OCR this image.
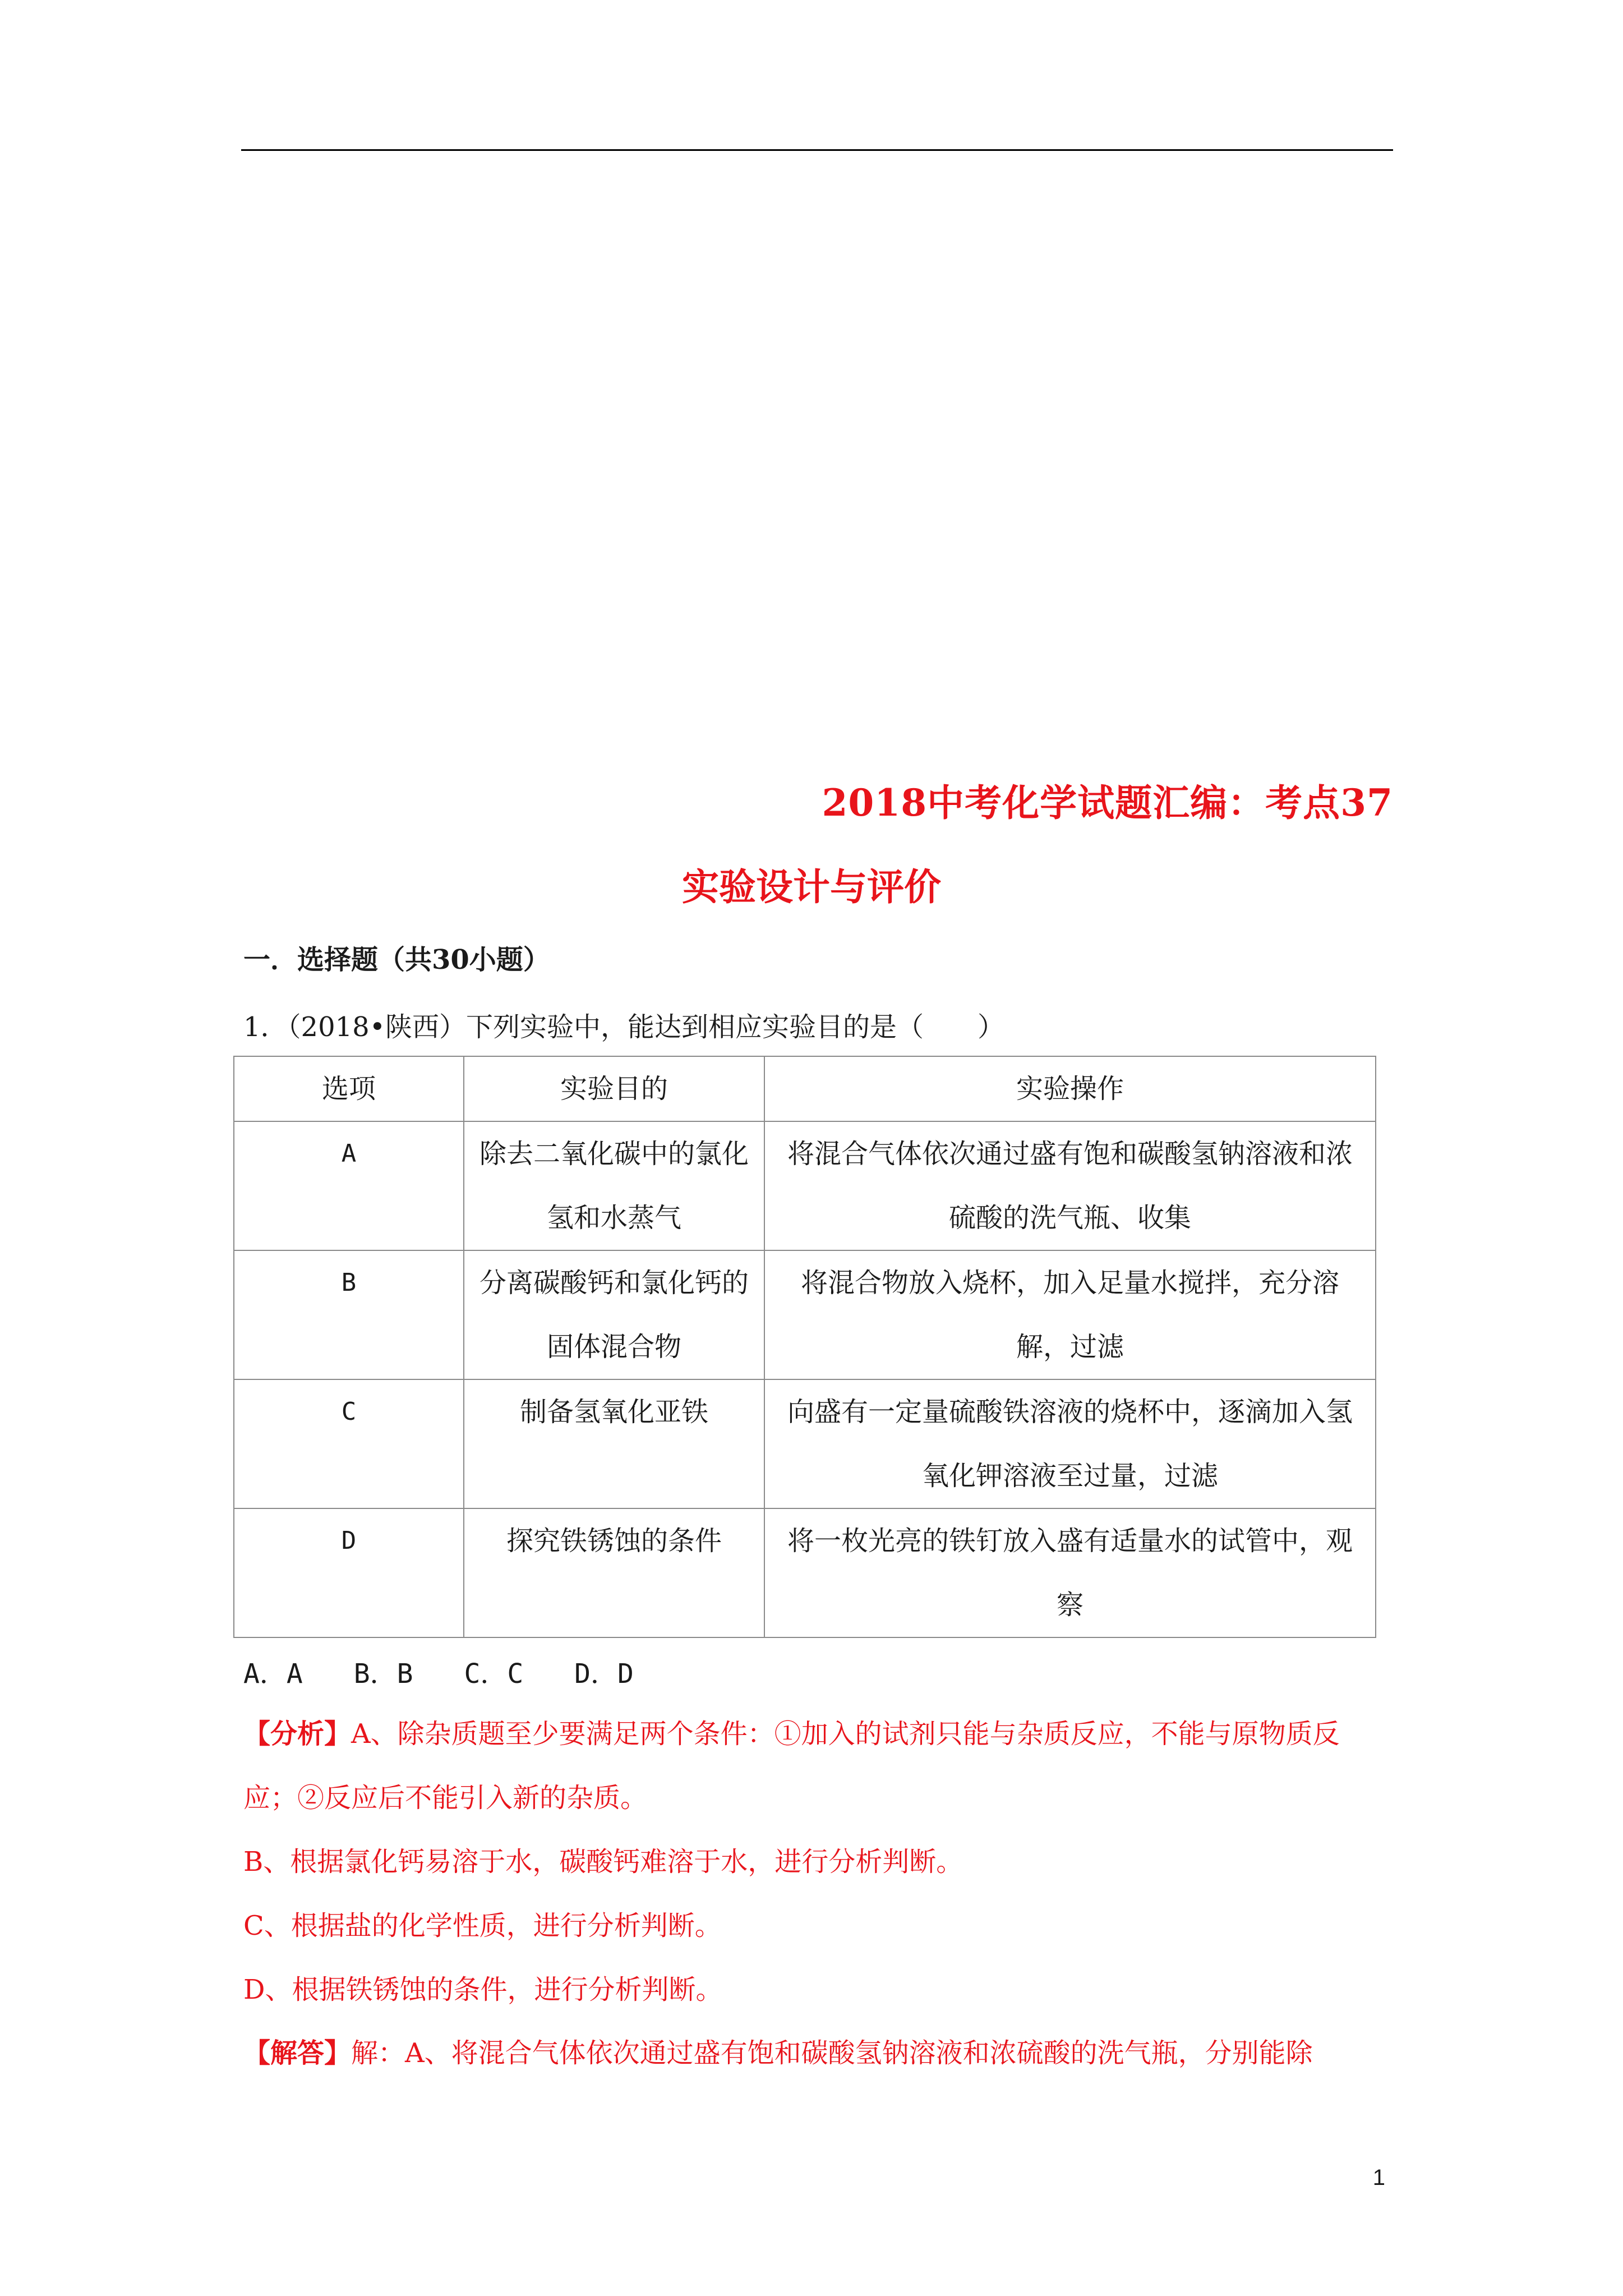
2018中考化学试题汇编：考点37
实验设计与评价
一．选择题（共30小题）
1．（2018•陕西）下列实验中，能达到相应实验目的是（　　）
选项	实验目的	实验操作
A	除去二氧化碳中的氯化氢和水蒸气	将混合气体依次通过盛有饱和碳酸氢钠溶液和浓硫酸的洗气瓶、收集
B	分离碳酸钙和氯化钙的固体混合物	将混合物放入烧杯，加入足量水搅拌，充分溶解，过滤
C	制备氢氧化亚铁	向盛有一定量硫酸铁溶液的烧杯中，逐滴加入氢氧化钾溶液至过量，过滤
D	探究铁锈蚀的条件	将一枚光亮的铁钉放入盛有适量水的试管中，观察
A．A B．B C．C D．D
【分析】A、除杂质题至少要满足两个条件：①加入的试剂只能与杂质反应，不能与原物质反应；②反应后不能引入新的杂质。
B、根据氯化钙易溶于水，碳酸钙难溶于水，进行分析判断。
C、根据盐的化学性质，进行分析判断。
D、根据铁锈蚀的条件，进行分析判断。
【解答】解：A、将混合气体依次通过盛有饱和碳酸氢钠溶液和浓硫酸的洗气瓶，分别能除
1
